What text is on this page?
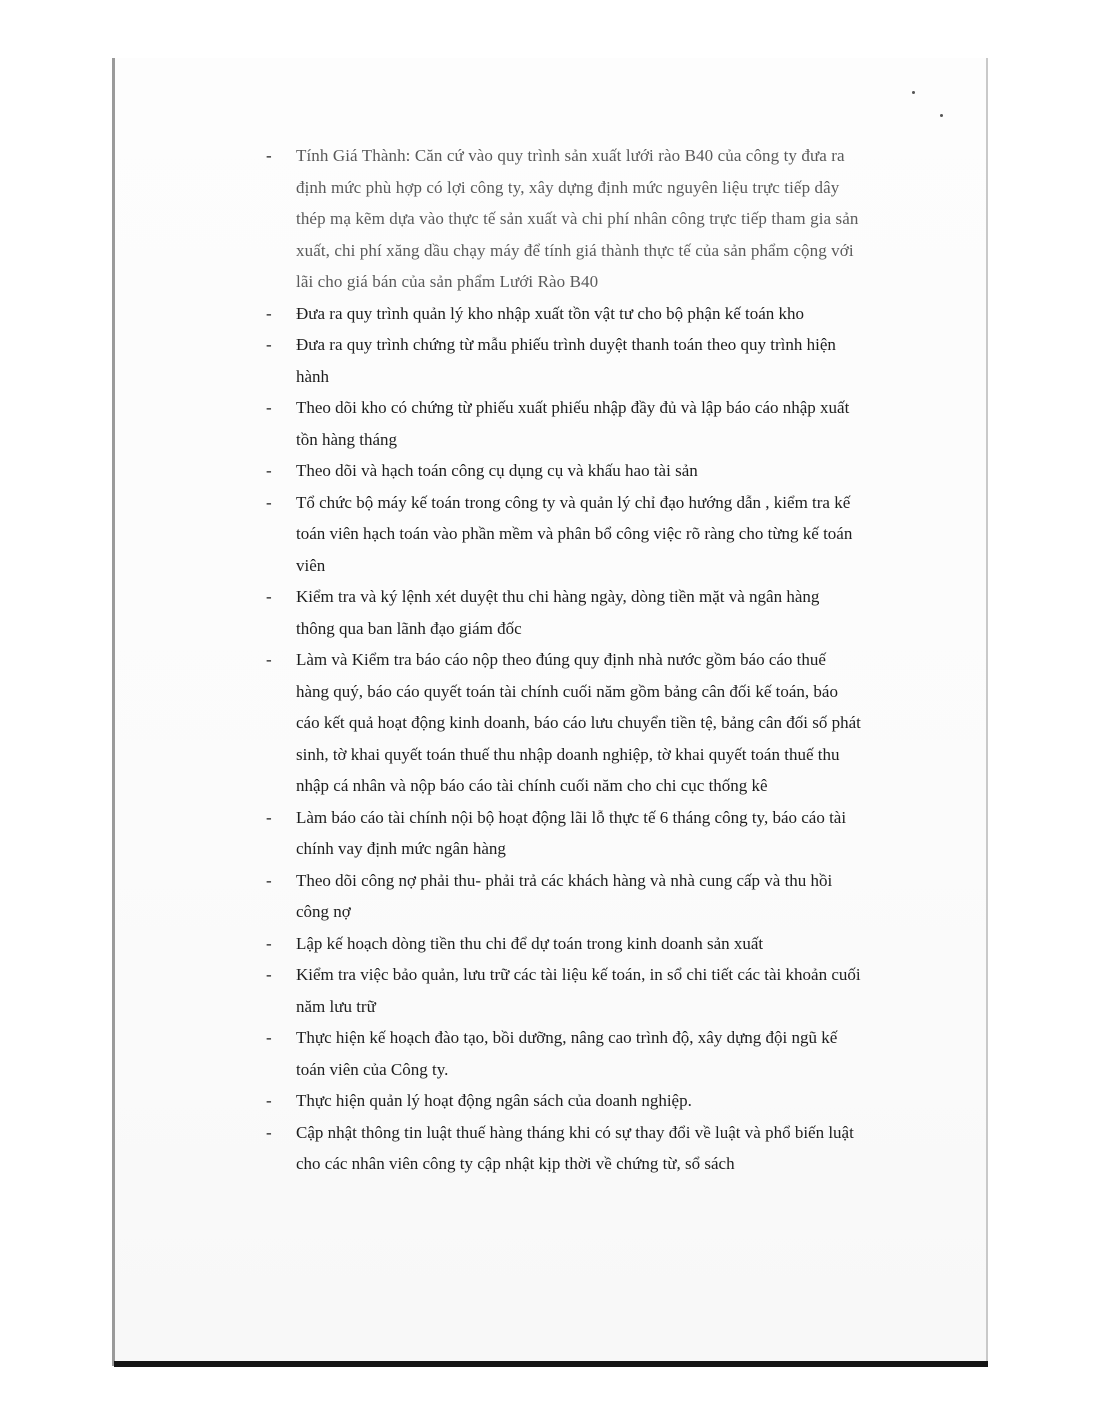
- Tính Giá Thành: Căn cứ vào quy trình sản xuất lưới rào B40 của công ty đưa ra định mức phù hợp có lợi công ty, xây dựng định mức nguyên liệu trực tiếp dây thép mạ kẽm dựa vào thực tế sản xuất và chi phí nhân công trực tiếp tham gia sản xuất, chi phí xăng dầu chạy máy để tính giá thành thực tế của sản phẩm cộng với lãi cho giá bán của sản phẩm Lưới Rào B40
- Đưa ra quy trình quản lý kho nhập xuất tồn vật tư cho bộ phận kế toán kho
- Đưa ra quy trình chứng từ mẫu phiếu trình duyệt thanh toán theo quy trình hiện hành
- Theo dõi kho có chứng từ phiếu xuất phiếu nhập đầy đủ và lập báo cáo nhập xuất tồn hàng tháng
- Theo dõi và hạch toán công cụ dụng cụ và khấu hao tài sản
- Tổ chức bộ máy kế toán trong công ty và quản lý chỉ đạo hướng dẫn , kiểm tra kế toán viên hạch toán vào phần mềm và phân bổ công việc rõ ràng cho từng kế toán viên
- Kiểm tra và ký lệnh xét duyệt thu chi hàng ngày, dòng tiền mặt và ngân hàng thông qua ban lãnh đạo giám đốc
- Làm và Kiểm tra báo cáo nộp theo đúng quy định nhà nước gồm báo cáo thuế hàng quý, báo cáo quyết toán tài chính cuối năm gồm bảng cân đối kế toán, báo cáo kết quả hoạt động kinh doanh, báo cáo lưu chuyển tiền tệ, bảng cân đối số phát sinh, tờ khai quyết toán thuế thu nhập doanh nghiệp, tờ khai quyết toán thuế thu nhập cá nhân và nộp báo cáo tài chính cuối năm cho chi cục thống kê
- Làm báo cáo tài chính nội bộ hoạt động lãi lỗ thực tế 6 tháng công ty, báo cáo tài chính vay định mức ngân hàng
- Theo dõi công nợ phải thu- phải trả các khách hàng và nhà cung cấp và thu hồi công nợ
- Lập kế hoạch dòng tiền thu chi để dự toán trong kinh doanh sản xuất
- Kiểm tra việc bảo quản, lưu trữ các tài liệu kế toán, in sổ chi tiết các tài khoản cuối năm lưu trữ
- Thực hiện kế hoạch đào tạo, bồi dưỡng, nâng cao trình độ, xây dựng đội ngũ kế toán viên của Công ty.
- Thực hiện quản lý hoạt động ngân sách của doanh nghiệp.
- Cập nhật thông tin luật thuế hàng tháng khi có sự thay đổi về luật và phổ biến luật cho các nhân viên công ty cập nhật kịp thời về chứng từ, sổ sách
